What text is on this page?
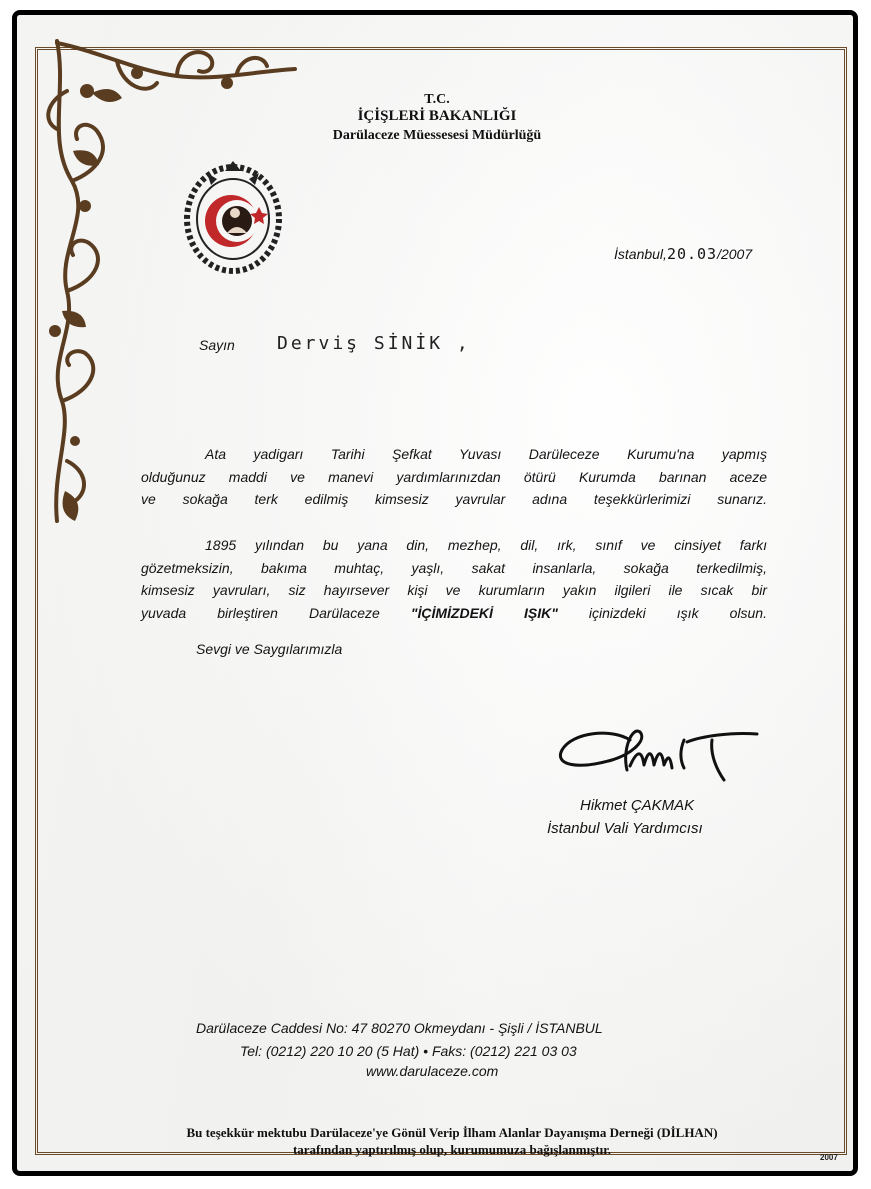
T.C.
İÇİŞLERİ BAKANLIĞI
Darülaceze Müessesesi Müdürlüğü
İstanbul,20.03/2007
Sayın Derviş SİNİK ,
Ata yadigarı Tarihi Şefkat Yuvası Darüleceze Kurumu'na yapmış
olduğunuz maddi ve manevi yardımlarınızdan ötürü Kurumda barınan aceze
ve sokağa terk edilmiş kimsesiz yavrular adına teşekkürlerimizi sunarız.
1895 yılından bu yana din, mezhep, dil, ırk, sınıf ve cinsiyet farkı
gözetmeksizin, bakıma muhtaç, yaşlı, sakat insanlarla, sokağa terkedilmiş,
kimsesiz yavruları, siz hayırsever kişi ve kurumların yakın ilgileri ile sıcak bir
yuvada birleştiren Darülaceze "İÇİMİZDEKİ IŞIK" içinizdeki ışık olsun.
Sevgi ve Saygılarımızla
Hikmet ÇAKMAK
İstanbul Vali Yardımcısı
Darülaceze Caddesi No: 47 80270 Okmeydanı - Şişli / İSTANBUL
Tel: (0212) 220 10 20 (5 Hat) • Faks: (0212) 221 03 03
www.darulaceze.com
Bu teşekkür mektubu Darülaceze'ye Gönül Verip İlham Alanlar Dayanışma Derneği (DİLHAN)
tarafından yaptırılmış olup, kurumumuza bağışlanmıştır.
2007
